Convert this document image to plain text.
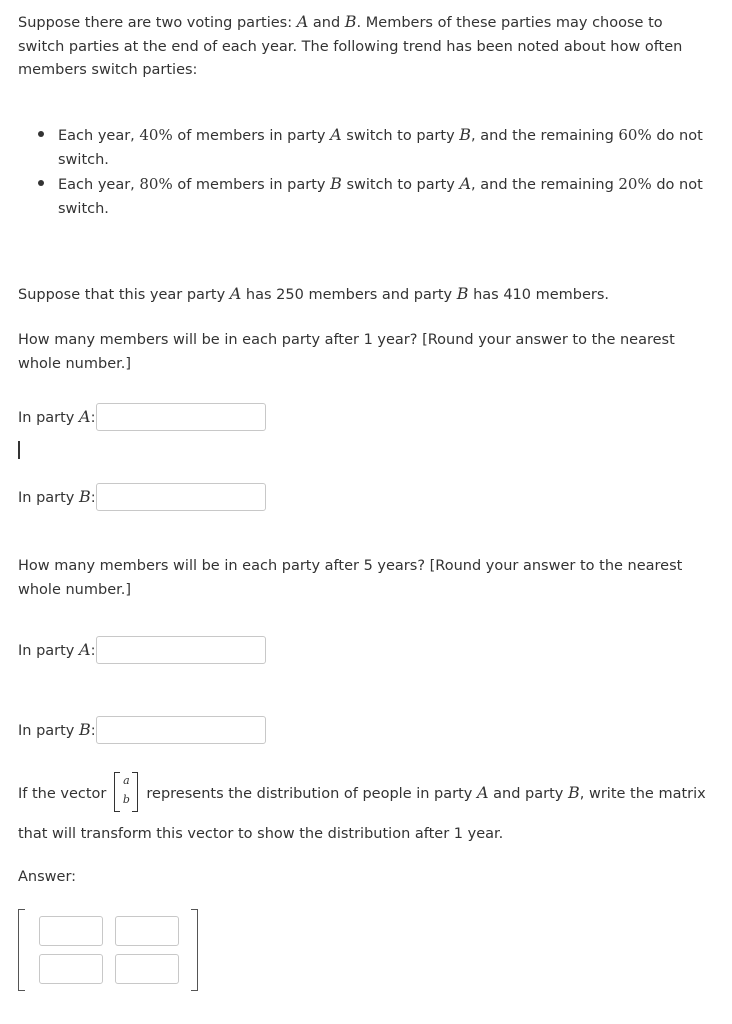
Suppose there are two voting parties: A and B. Members of these parties may choose to switch parties at the end of each year. The following trend has been noted about how often members switch parties:

Each year, 40% of members in party A switch to party B, and the remaining 60% do not switch.
Each year, 80% of members in party B switch to party A, and the remaining 20% do not switch.

Suppose that this year party A has 250 members and party B has 410 members.

How many members will be in each party after 1 year? [Round your answer to the nearest whole number.]

In party A:
In party B:

How many members will be in each party after 5 years? [Round your answer to the nearest whole number.]

In party A:
In party B:

If the vector
a
b	represents the distribution of people in party A and party B, write the matrix that will transform this vector to show the distribution after 1 year.

Answer:
